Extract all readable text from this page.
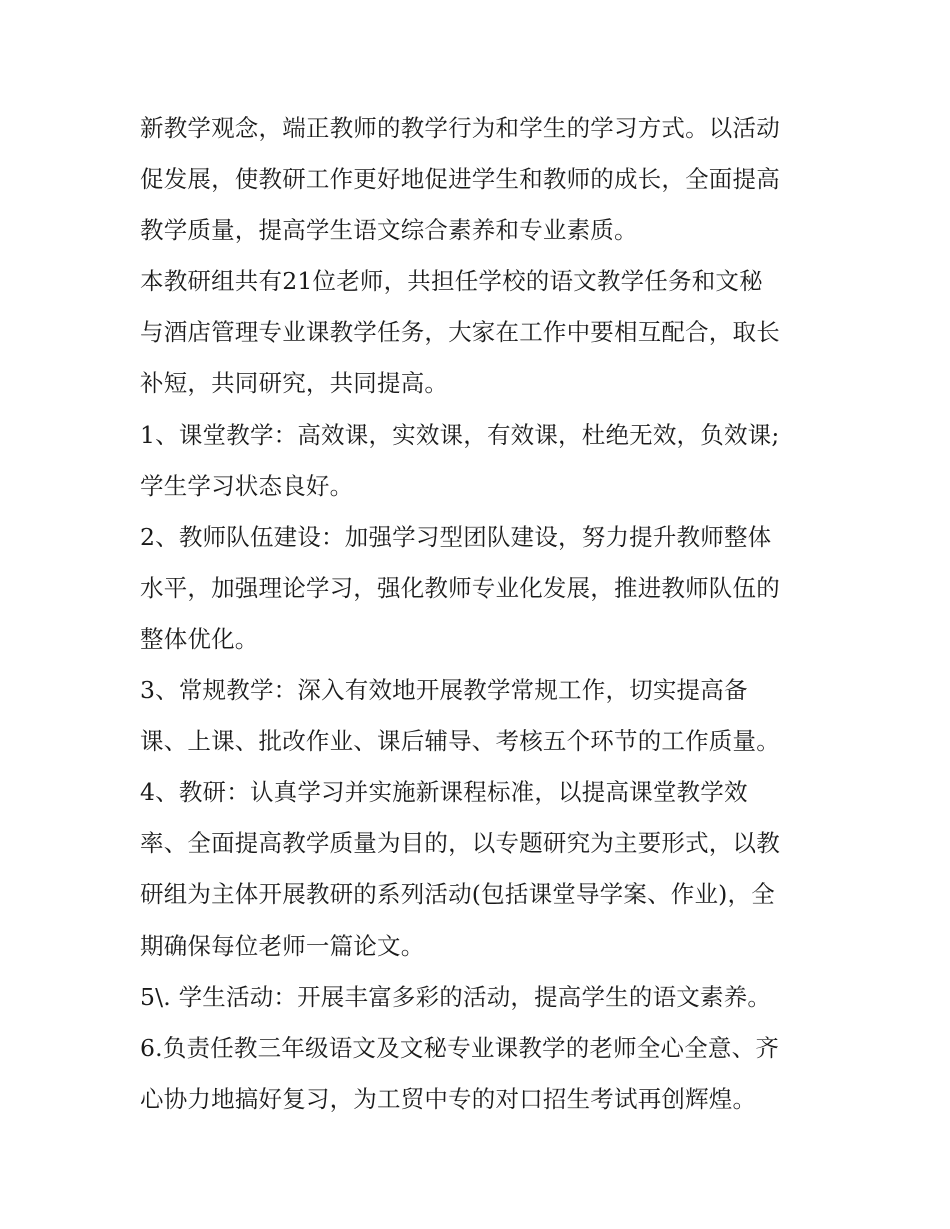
新教学观念，端正教师的教学行为和学生的学习方式。以活动
促发展，使教研工作更好地促进学生和教师的成长，全面提高
教学质量，提高学生语文综合素养和专业素质。
本教研组共有21位老师，共担任学校的语文教学任务和文秘
与酒店管理专业课教学任务，大家在工作中要相互配合，取长
补短，共同研究，共同提高。
1、课堂教学：高效课，实效课，有效课，杜绝无效，负效课;
学生学习状态良好。
2、教师队伍建设：加强学习型团队建设，努力提升教师整体
水平，加强理论学习，强化教师专业化发展，推进教师队伍的
整体优化。
3、常规教学：深入有效地开展教学常规工作，切实提高备
课、上课、批改作业、课后辅导、考核五个环节的工作质量。
4、教研：认真学习并实施新课程标准，以提高课堂教学效
率、全面提高教学质量为目的，以专题研究为主要形式，以教
研组为主体开展教研的系列活动(包括课堂导学案、作业)，全
期确保每位老师一篇论文。
5\. 学生活动：开展丰富多彩的活动，提高学生的语文素养。
6.负责任教三年级语文及文秘专业课教学的老师全心全意、齐
心协力地搞好复习，为工贸中专的对口招生考试再创辉煌。
